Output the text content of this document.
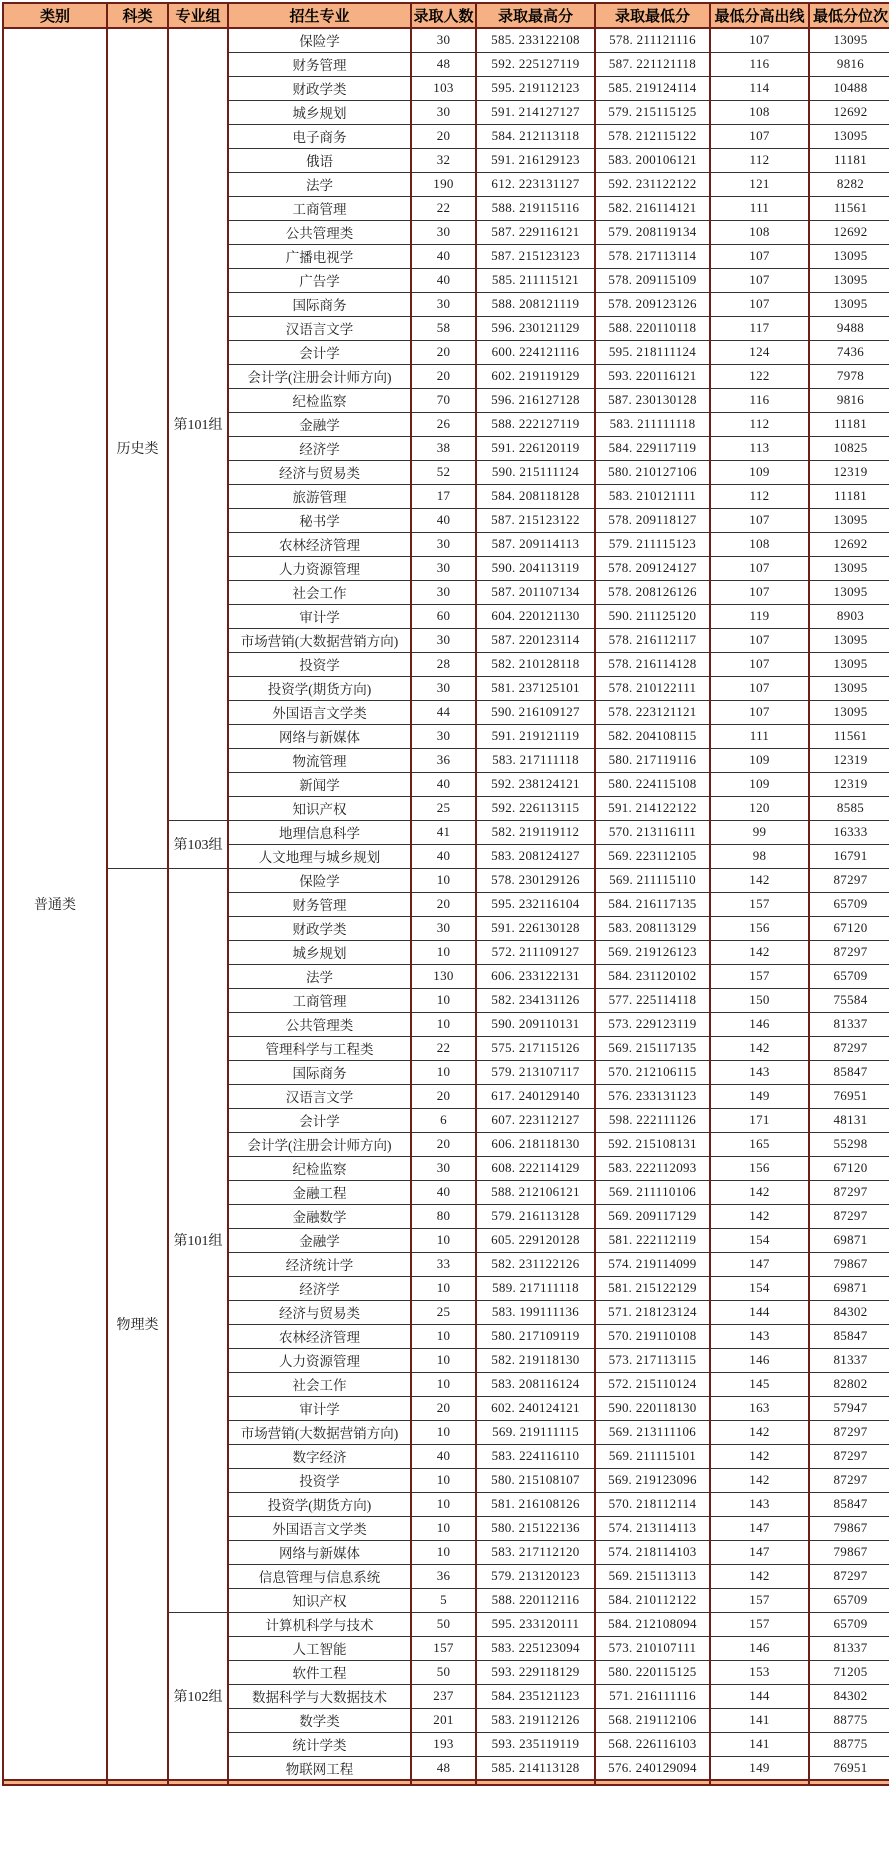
类别	科类	专业组	招生专业	录取人数	录取最高分	录取最低分	最低分高出线	最低分位次
普通类	历史类	第101组	保险学	30	585. 233122108	578. 211121116	107	13095
			财务管理	48	592. 225127119	587. 221121118	116	9816
			财政学类	103	595. 219112123	585. 219124114	114	10488
			城乡规划	30	591. 214127127	579. 215115125	108	12692
			电子商务	20	584. 212113118	578. 212115122	107	13095
			俄语	32	591. 216129123	583. 200106121	112	11181
			法学	190	612. 223131127	592. 231122122	121	8282
			工商管理	22	588. 219115116	582. 216114121	111	11561
			公共管理类	30	587. 229116121	579. 208119134	108	12692
			广播电视学	40	587. 215123123	578. 217113114	107	13095
			广告学	40	585. 211115121	578. 209115109	107	13095
			国际商务	30	588. 208121119	578. 209123126	107	13095
			汉语言文学	58	596. 230121129	588. 220110118	117	9488
			会计学	20	600. 224121116	595. 218111124	124	7436
			会计学(注册会计师方向)	20	602. 219119129	593. 220116121	122	7978
			纪检监察	70	596. 216127128	587. 230130128	116	9816
			金融学	26	588. 222127119	583. 211111118	112	11181
			经济学	38	591. 226120119	584. 229117119	113	10825
			经济与贸易类	52	590. 215111124	580. 210127106	109	12319
			旅游管理	17	584. 208118128	583. 210121111	112	11181
			秘书学	40	587. 215123122	578. 209118127	107	13095
			农林经济管理	30	587. 209114113	579. 211115123	108	12692
			人力资源管理	30	590. 204113119	578. 209124127	107	13095
			社会工作	30	587. 201107134	578. 208126126	107	13095
			审计学	60	604. 220121130	590. 211125120	119	8903
			市场营销(大数据营销方向)	30	587. 220123114	578. 216112117	107	13095
			投资学	28	582. 210128118	578. 216114128	107	13095
			投资学(期货方向)	30	581. 237125101	578. 210122111	107	13095
			外国语言文学类	44	590. 216109127	578. 223121121	107	13095
			网络与新媒体	30	591. 219121119	582. 204108115	111	11561
			物流管理	36	583. 217111118	580. 217119116	109	12319
			新闻学	40	592. 238124121	580. 224115108	109	12319
			知识产权	25	592. 226113115	591. 214122122	120	8585
		第103组	地理信息科学	41	582. 219119112	570. 213116111	99	16333
			人文地理与城乡规划	40	583. 208124127	569. 223112105	98	16791
	物理类	第101组	保险学	10	578. 230129126	569. 211115110	142	87297
			财务管理	20	595. 232116104	584. 216117135	157	65709
			财政学类	30	591. 226130128	583. 208113129	156	67120
			城乡规划	10	572. 211109127	569. 219126123	142	87297
			法学	130	606. 233122131	584. 231120102	157	65709
			工商管理	10	582. 234131126	577. 225114118	150	75584
			公共管理类	10	590. 209110131	573. 229123119	146	81337
			管理科学与工程类	22	575. 217115126	569. 215117135	142	87297
			国际商务	10	579. 213107117	570. 212106115	143	85847
			汉语言文学	20	617. 240129140	576. 233131123	149	76951
			会计学	6	607. 223112127	598. 222111126	171	48131
			会计学(注册会计师方向)	20	606. 218118130	592. 215108131	165	55298
			纪检监察	30	608. 222114129	583. 222112093	156	67120
			金融工程	40	588. 212106121	569. 211110106	142	87297
			金融数学	80	579. 216113128	569. 209117129	142	87297
			金融学	10	605. 229120128	581. 222112119	154	69871
			经济统计学	33	582. 231122126	574. 219114099	147	79867
			经济学	10	589. 217111118	581. 215122129	154	69871
			经济与贸易类	25	583. 199111136	571. 218123124	144	84302
			农林经济管理	10	580. 217109119	570. 219110108	143	85847
			人力资源管理	10	582. 219118130	573. 217113115	146	81337
			社会工作	10	583. 208116124	572. 215110124	145	82802
			审计学	20	602. 240124121	590. 220118130	163	57947
			市场营销(大数据营销方向)	10	569. 219111115	569. 213111106	142	87297
			数字经济	40	583. 224116110	569. 211115101	142	87297
			投资学	10	580. 215108107	569. 219123096	142	87297
			投资学(期货方向)	10	581. 216108126	570. 218112114	143	85847
			外国语言文学类	10	580. 215122136	574. 213114113	147	79867
			网络与新媒体	10	583. 217112120	574. 218114103	147	79867
			信息管理与信息系统	36	579. 213120123	569. 215113113	142	87297
			知识产权	5	588. 220112116	584. 210112122	157	65709
		第102组	计算机科学与技术	50	595. 233120111	584. 212108094	157	65709
			人工智能	157	583. 225123094	573. 210107111	146	81337
			软件工程	50	593. 229118129	580. 220115125	153	71205
			数据科学与大数据技术	237	584. 235121123	571. 216111116	144	84302
			数学类	201	583. 219112126	568. 219112106	141	88775
			统计学类	193	593. 235119119	568. 226116103	141	88775
			物联网工程	48	585. 214113128	576. 240129094	149	76951
